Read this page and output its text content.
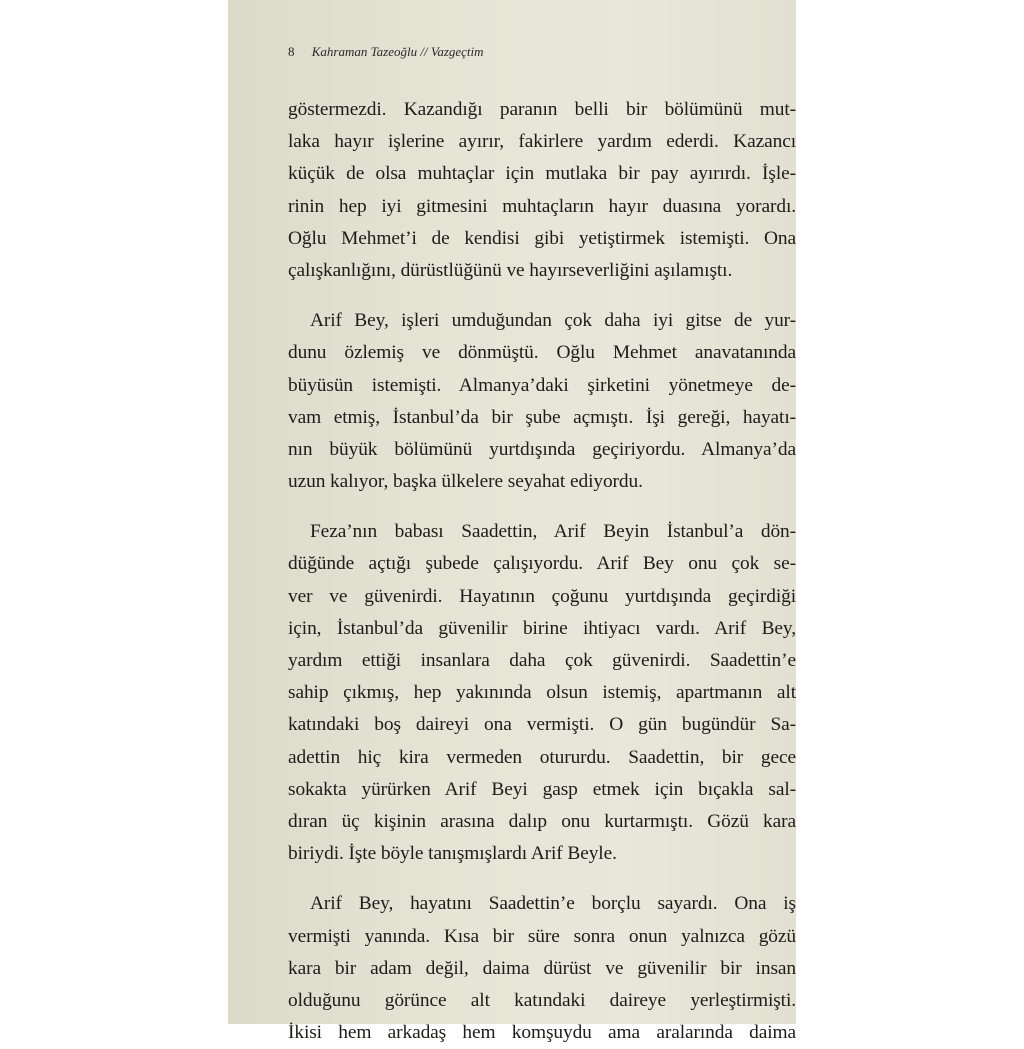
8 Kahraman Tazeoğlu // Vazgeçtim

göstermezdi. Kazandığı paranın belli bir bölümünü mut-
laka hayır işlerine ayırır, fakirlere yardım ederdi. Kazancı
küçük de olsa muhtaçlar için mutlaka bir pay ayırırdı. İşle-
rinin hep iyi gitmesini muhtaçların hayır duasına yorardı.
Oğlu Mehmet’i de kendisi gibi yetiştirmek istemişti. Ona
çalışkanlığını, dürüstlüğünü ve hayırseverliğini aşılamıştı.

Arif Bey, işleri umduğundan çok daha iyi gitse de yur-
dunu özlemiş ve dönmüştü. Oğlu Mehmet anavatanında
büyüsün istemişti. Almanya’daki şirketini yönetmeye de-
vam etmiş, İstanbul’da bir şube açmıştı. İşi gereği, hayatı-
nın büyük bölümünü yurtdışında geçiriyordu. Almanya’da
uzun kalıyor, başka ülkelere seyahat ediyordu.

Feza’nın babası Saadettin, Arif Beyin İstanbul’a dön-
düğünde açtığı şubede çalışıyordu. Arif Bey onu çok se-
ver ve güvenirdi. Hayatının çoğunu yurtdışında geçirdiği
için, İstanbul’da güvenilir birine ihtiyacı vardı. Arif Bey,
yardım ettiği insanlara daha çok güvenirdi. Saadettin’e
sahip çıkmış, hep yakınında olsun istemiş, apartmanın alt
katındaki boş daireyi ona vermişti. O gün bugündür Sa-
adettin hiç kira vermeden otururdu. Saadettin, bir gece
sokakta yürürken Arif Beyi gasp etmek için bıçakla sal-
dıran üç kişinin arasına dalıp onu kurtarmıştı. Gözü kara
biriydi. İşte böyle tanışmışlardı Arif Beyle.

Arif Bey, hayatını Saadettin’e borçlu sayardı. Ona iş
vermişti yanında. Kısa bir süre sonra onun yalnızca gözü
kara bir adam değil, daima dürüst ve güvenilir bir insan
olduğunu görünce alt katındaki daireye yerleştirmişti.
İkisi hem arkadaş hem komşuydu ama aralarında daima
